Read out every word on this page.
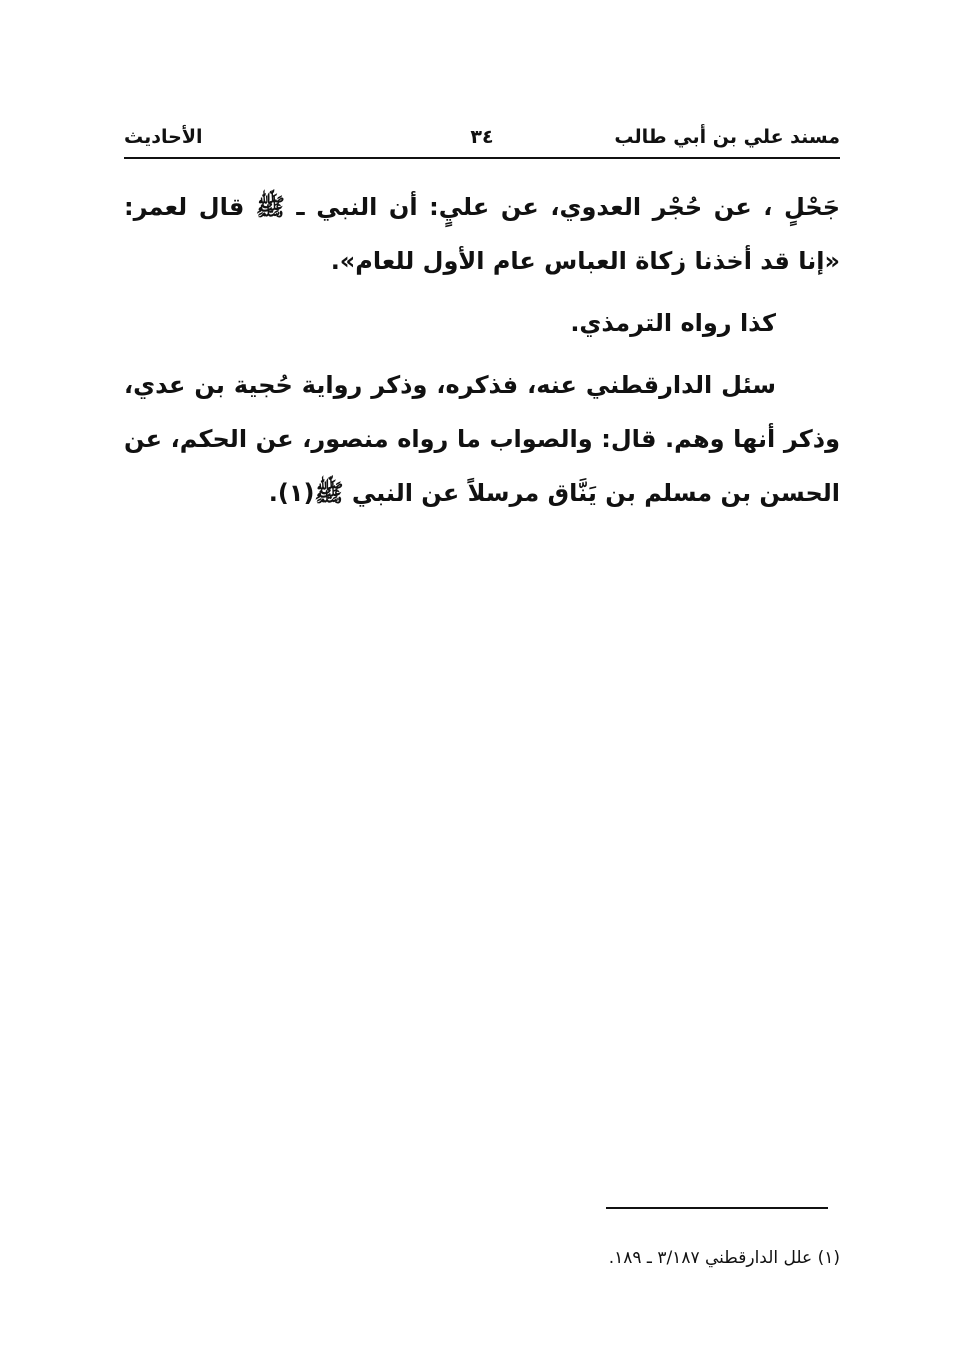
مسند علي بن أبي طالب
٣٤
الأحاديث

جَحْلٍ ، عن حُجْر العدوي، عن عليٍ: أن النبي ـ ﷺ قال لعمر: «إنا قد أخذنا زكاة العباس عام الأول للعام».

كذا رواه الترمذي.

سئل الدارقطني عنه، فذكره، وذكر رواية حُجية بن عدي، وذكر أنها وهم. قال: والصواب ما رواه منصور، عن الحكم، عن الحسن بن مسلم بن يَنَّاق مرسلاً عن النبي ﷺ(١).

(١) علل الدارقطني ٣/١٨٧ ـ ١٨٩.
